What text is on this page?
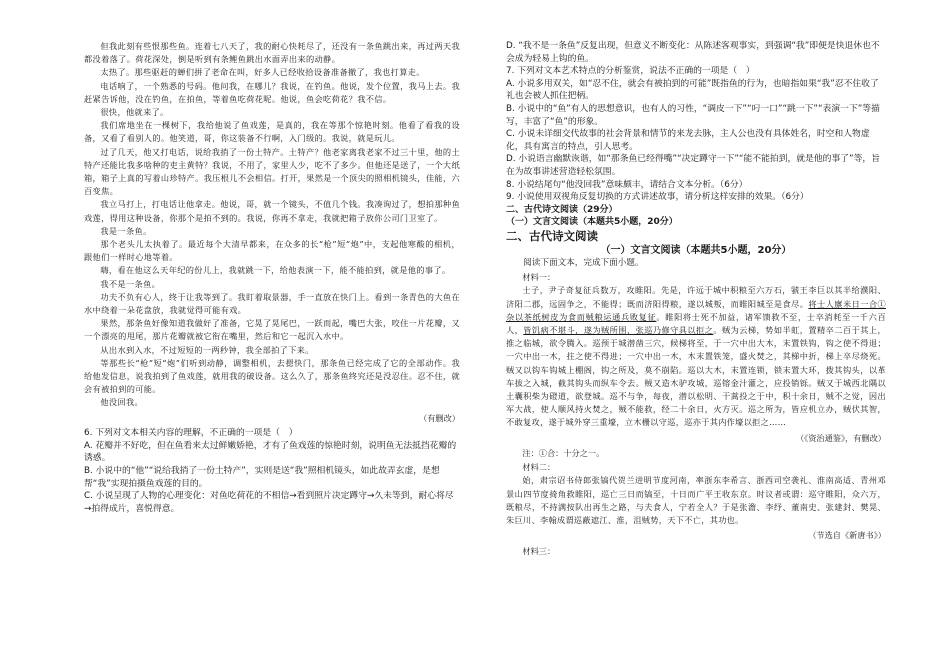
但我此刻有些恨那些鱼。连着七八天了，我的耐心快耗尽了，还没有一条鱼跳出来，再过两天我都没着落了。荷花深处，倒是听到有条鲤鱼跳出水面弄出来的动静。

太热了。那些驱赶的蝉们拼了老命在叫，好多人已经收拾设备准备撤了，我也打算走。

电话响了，一个熟悉的号码。他问我，在哪儿？我说，在钓鱼。他说，发个位置，我马上去。我赶紧告诉他，没在钓鱼，在拍鱼，等着鱼吃荷花呢。他说，鱼会吃荷花？我不信。

很快，他就来了。

我们席地坐在一棵树下，我给他说了鱼戏莲，是真的，我在等那个惊艳时刻。他看了看我的设备，又看了看别人的。他笑道，哥，你这装备不行啊，入门级的。我说，就是玩儿。

过了几天，他又打电话，说给我捎了一份土特产。土特产？他老家离我老家不过三十里，他的土特产还能比我多啥种的吏主黄特？我说，不用了，家里人少，吃不了多少。但他还是送了，一个大纸箱，箱子上真的写着山珍特产。我压根儿不会相信。打开，果然是一个顶尖的照相机镜头，佳能，六百变焦。

我立马打上，打电话让他拿走。他说，哥，就一个镜头，不值几个钱。我凑询过了，想拍那种鱼戏莲，得用这种设备，你那个是拍不到的。我说，你再不拿走，我就把箱子放你公司门卫室了。

我是一条鱼。

那个老头儿太执着了。最近每个大清早都来，在众多的长“枪”短“炮”中，支起他寒酸的相机，跟他们一样时心地等着。

嗨，看在他这么天年纪的份儿上，我就跳一下，给他表演一下，能不能拍到，就是他的事了。

我不是一条鱼。

功夫不负有心人，终于让我等到了。我盯着取景器，手一直放在快门上。看到一条青色的大鱼在水中绕着一朵花盘放，我就觉得可能有戏。

果然，那条鱼好像知道我做好了准备，它晃了晃尾巴，一跃而起，嘴巴大张，咬住一片花瓣，又一个漂亮的甩尾，那片花瓣就被它衔在嘴里，然后和它一起沉入水中。

从出水到入水，不过短短的一两秒钟，我全部拍了下来。

等那些长“枪”短“炮”们听到动静，调整相机，去摁快门，那条鱼已经完成了它的全部动作。我给他发信息，说我拍到了鱼戏莲，就用我的破设备。这么久了，那条鱼终究还是没忍住。忍不住，就会有被拍到的可能。

他没回我。

（有删改）

6. 下列对文本相关内容的理解，不正确的一项是（　）

A. 花瓣并不好吃，但在鱼看来太过鲜嫩娇艳，才有了鱼戏莲的惊艳时刻，说明鱼无法抵挡花瓣的诱惑。

B. 小说中的“他”“说给我捎了一份土特产”，实则是送“我”照相机镜头，如此故弄玄虚，是想帮“我”实现拍摄鱼戏莲的目的。

C. 小说呈现了人物的心理变化：对鱼吃荷花的不相信→看到照片决定蹲守→久未等到，耐心将尽→拍得成片，喜悦得意。

D. “我不是一条鱼”反复出现，但意义不断变化：从陈述客观事实，到强调“我”即便是快退休也不会成为轻易上钩的鱼。

7. 下列对文本艺术特点的分析鉴赏，说法不正确的一项是（　）

A. 小说多用双关，如“忍不住，就会有被拍到的可能”既指鱼的行为，也暗指如果“我”忍不住收了礼也会被人抓住把柄。

B. 小说中的“鱼”有人的思想意识，也有人的习性，“调皮一下”“叼一口”“跳一下”“表演一下”等描写，丰富了“鱼”的形象。

C. 小说未详细交代故事的社会背景和情节的来龙去脉，主人公也没有具体姓名，时空和人物虚化，具有寓言的特点，引人思考。

D. 小说语言幽默诙谐，如“那条鱼已经得嘴”“决定蹲守一下”“能不能拍到，就是他的事了”等，旨在为故事讲述营造轻松氛围。

8. 小说结尾句“他没回我”意味颇丰，请结合文本分析。（6分）

9. 小说使用双视角反复切换的方式讲述故事，请分析这样安排的效果。（6分）

二、古代诗文阅读（29分）

（一）文言文阅读（本题共5小题，20分）

二、古代诗文阅读

（一）文言文阅读（本题共5小题，20分）

阅读下面文本，完成下面小题。

材料一：

士子，尹子奇复征兵数万，攻睢阳。先是，许远于城中积粮至六万石，虢王李巨以其半给濮阳、济阳二郡，远固争之，不能得；既而济阳得粮，遂以城叛，而睢阳城至是食尽。将士人廪米日一合①杂以茶纸树皮为食而贼粮运通兵败复征。睢阳将士死不加益，诸军馈救不至，士卒消耗至一千六百人，皆饥病不堪斗，遂为贼所围，张巡乃修守具以拒之。贼为云梯，势如半虹，置精卒二百于其上，推之临城，欲令腾入。巡预于城潜凿三穴，候梯将至，于一穴中出大木，末置铁钩，钩之使不得退；一穴中出一木，拄之使不得进；一穴中出一木，木末置铁笼，盛火焚之，其梯中折，梯上卒尽烧死。贼又以钩车钩城上棚阁，钩之所及，莫不崩陷。巡以大木，末置连锁，锁末置大环，拨其钩头，以革车拔之入城，截其钩头而纵车令去。贼又造木驴攻城，巡镕金汁灌之，应投销铄。贼又于城西北隅以土囊积柴为磴道，欲登城。巡不与争，每夜，潜以松明、干蒿投之于中，积十余日，贼不之觉，因出军大战，使人顺风持火焚之，贼不能救，经二十余日，火方灭。巡之所为，皆应机立办，贼伏其智，不敢复攻，遂于城外穿三重壕，立木栅以守巡，巡亦于其内作壕以拒之……

（《资治通鉴》，有删改）

注：①合：十分之一。

材料二：

始，肃宗诏书侍郎张镐代贺兰进明节度河南，率浙东李希言、浙西司空袭礼、淮南高适、青州邓景山四节度掎角救睢阳，巡亡三日而镐至，十日而广平王收东京。时议者或谓：巡守睢阳，众六万，既粮尽，不持满按队出再生之路，与夫食人，宁若全人？于是张澹、李纾、董南史、张建封、樊晃、朱巨川、李翰成谓巡蔽遮江、淮，沮贼势，天下不亡，其功也。

（节选自《新唐书》）

材料三：
